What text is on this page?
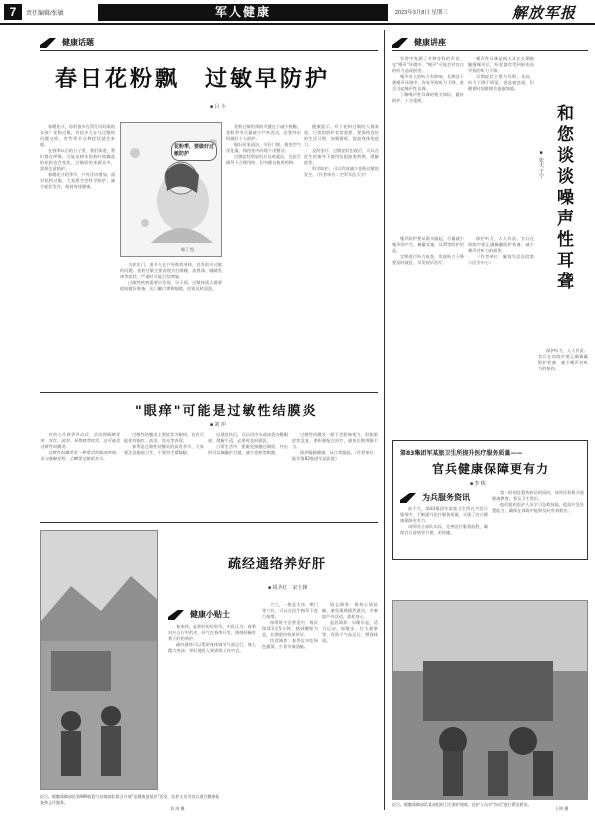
7	责任编辑/张敏	军人健康	2023年3月8日 星期三	解放军报
健康话题
春日花粉飘　过敏早防护
■ 吕 斗

春暖花开，你的很多在帮忙问吗谁的女孩？花粉过敏，有很多人在与过敏的问题交织，有些季节这种症状就会来临。

在春季以后的日子里，我们知道，我们都在呼吸，可能从树木的枝叶间飘落的花粉也在变化。过敏原的来源众多，需要注意防护。

春暖花开的季节，户外活动增加，面对花粉过敏，大家要学会科学防护，减少症状发作，保持身体健康。

花粉季，要做好过敏防护
韩丁 绘

当你出门，很多人在户外锻炼身体，也有很多过敏的问题。花粉过敏主要表现为打喷嚏、流鼻涕、眼睛发痒等症状，严重时可能引发哮喘。

过敏性疾病需要早发现、早干预。过敏体质人群要提前做好准备，出门戴口罩和眼镜，回家及时清洗。

花粉过敏的预防关键在于减少接触。花粉季节尽量减少户外活动，必要外出时做好个人防护。

做好居家清洁，关好门窗，使用空气净化器，保持室内环境干净整洁。

过敏症状明显时应及时就医，在医生指导下合理用药，切勿擅自使用药物。

健康提示。对于花粉过敏的人群来说，日常的防护非常重要，要保持良好的生活习惯，加强锻炼，提高身体免疫力。

及时治疗。过敏症状出现后，可以在医生的指导下使用抗组胺类药物，缓解症状。

科学防护，可以有效减少花粉过敏的发生。（作者单位：空军军医大学）

"眼痒"可能是过敏性结膜炎
■ 刘 冲

有的人在春季外出后，会出现眼睛发痒、发红、流泪、异物感等症状，这可能是过敏性结膜炎。

过敏性结膜炎是一种常见的眼部疾病，多与接触花粉、尘螨等过敏原有关。

过敏性结膜炎主要症状为眼痒，也有可能伴有眼红、流泪、畏光等表现。

春季是过敏性结膜炎的高发季节，大家要注意眼部卫生，不要用手揉眼睛。

出现症状后，可以用冷水或冰袋冷敷眼部，缓解不适，必要时及时就医。

日常生活中，要避免接触过敏原，外出时可以佩戴护目镜，减少花粉等刺激。

过敏性结膜炎一般不会影响视力，但如果症状反复，要积极配合治疗，避免长期用眼不当。

保护眼睛健康，从日常做起。（作者单位：陆军第82集团军某医院）

疏经通络养好肝
■ 胡圣红　宋士锋
健康小贴士

春来到，是养肝的好时节。中医认为，春季对应五行中的木，肝气在春季升发，情绪舒畅有利于肝的养护。

疏经通络可以帮助身体调节气血运行，使人精力充沛，更好地投入到训练工作中去。

大穴，一般是太冲、期门等穴位，可以在医生指导下进行按摩。

按摩时手法要适中，每次按揉3至5分钟，感到酸胀为宜，长期坚持效果更好。

饮食调养：春季宜多吃绿色蔬菜，少食辛辣油腻。

情志调养：保持心情舒畅，避免情绪剧烈波动，多参加户外活动，放松身心。

起居调养：早睡早起，适当运动，如散步、打太极拳等，有助于气血运行，增强体质。

近日，联勤保障部队第989医院与驻地部队联合开展"送健康进基层"活动，医护人员为官兵进行健康检查和义诊服务。
刘 涛 摄
健康讲座
和您谈谈噪声性耳聋
■ 张天 于宁

军营中充满了多种各样的声音，在"噪声"环境中，"噪声"可能会对官兵的听力造成损害。

噪声对人的听力有影响，长期处于强噪声环境中，容易导致听力下降，甚至引起噪声性耳聋。

了解噪声性耳聋的相关知识，做好防护，十分重要。

噪声性耳聋是指人耳在长期接触强噪声后，听觉器官受到损伤而导致的听力下降。

早期症状主要为耳鸣、耳闷，听力下降不明显，容易被忽视，但随着时间推移会逐渐加重。

噪声防护要从源头做起，尽量减少噪声的产生，佩戴耳塞、耳罩等防护用品。

定期进行听力检查，发现听力下降要及时就医，早发现早治疗。

保护听力，人人有责。官兵在训练中要正确佩戴防护装备，减少噪声对听力的损伤。

（作者单位：解放军总医院第六医学中心）

保护听力，人人有责。官兵在训练中要正确佩戴防护装备，减少噪声对听力的损伤。

第83集团军某旅卫生所提升医疗服务质量——
官兵健康保障更有力
■ 李 栋
为兵服务资讯

前不久，第83集团军某旅卫生所在为官兵服务中，不断提升医疗服务质量，实现了官兵健康保障更有力。

该所结合部队实际，完善医疗服务流程，确保官兵看病更方便、更快捷。

第一时间处置伤病员的同时，该所还积极开展健康教育，普及卫生常识。

他们组织医护人员学习急救技能，提高应急处置能力，确保在训练中能够及时有效救治。

近日，联勤保障部队某部组织卫生救护演练，医护人员对"伤员"进行紧急救治。
王明 摄
